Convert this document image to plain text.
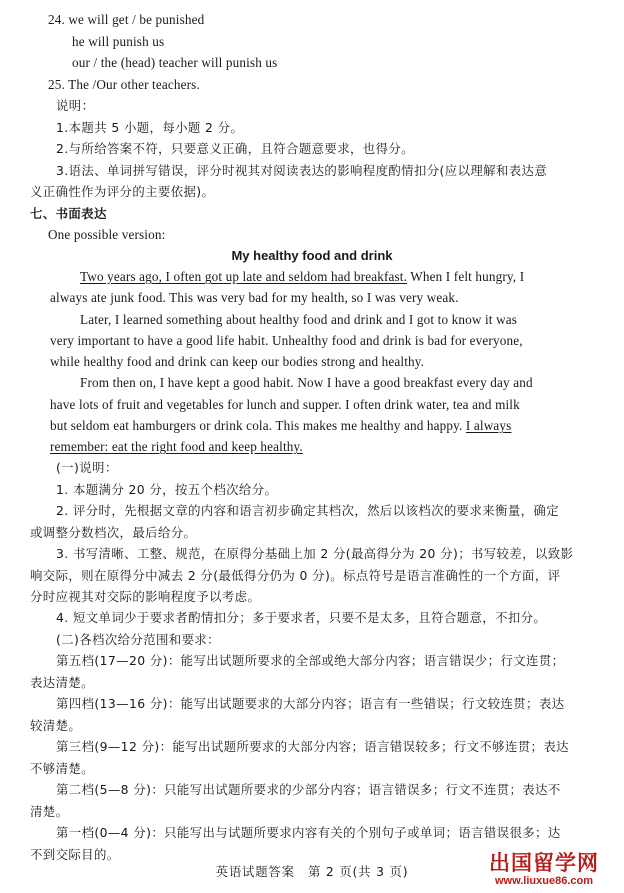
24. we will get / be punished
he will punish us
our / the (head) teacher will punish us
25. The /Our other teachers.
说明：
1.本题共 5 小题，每小题 2 分。
2.与所给答案不符，只要意义正确，且符合题意要求，也得分。
3.语法、单词拼写错误，评分时视其对阅读表达的影响程度酌情扣分(应以理解和表达意
义正确性作为评分的主要依据)。
七、书面表达
One possible version:
My healthy food and drink
Two years ago, I often got up late and seldom had breakfast. When I felt hungry, I
always ate junk food. This was very bad for my health, so I was very weak.
Later, I learned something about healthy food and drink and I got to know it was
very important to have a good life habit. Unhealthy food and drink is bad for everyone,
while healthy food and drink can keep our bodies strong and healthy.
From then on, I have kept a good habit. Now I have a good breakfast every day and
have lots of fruit and vegetables for lunch and supper. I often drink water, tea and milk
but seldom eat hamburgers or drink cola. This makes me healthy and happy. I always
remember: eat the right food and keep healthy.
(一)说明：
1. 本题满分 20 分，按五个档次给分。
2. 评分时，先根据文章的内容和语言初步确定其档次，然后以该档次的要求来衡量，确定
或调整分数档次，最后给分。
3. 书写清晰、工整、规范，在原得分基础上加 2 分(最高得分为 20 分)；书写较差，以致影
响交际，则在原得分中减去 2 分(最低得分仍为 0 分)。标点符号是语言准确性的一个方面，评
分时应视其对交际的影响程度予以考虑。
4. 短文单词少于要求者酌情扣分；多于要求者，只要不是太多，且符合题意，不扣分。
(二)各档次给分范围和要求：
第五档(17—20 分)：能写出试题所要求的全部或绝大部分内容；语言错误少；行文连贯；
表达清楚。
第四档(13—16 分)：能写出试题要求的大部分内容；语言有一些错误；行文较连贯；表达
较清楚。
第三档(9—12 分)：能写出试题所要求的大部分内容；语言错误较多；行文不够连贯；表达
不够清楚。
第二档(5—8 分)：只能写出试题所要求的少部分内容；语言错误多；行文不连贯；表达不
清楚。
第一档(0—4 分)：只能写出与试题所要求内容有关的个别句子或单词；语言错误很多；达
不到交际目的。
英语试题答案　第 2 页(共 3 页)	出国留学网
www.liuxue86.com
